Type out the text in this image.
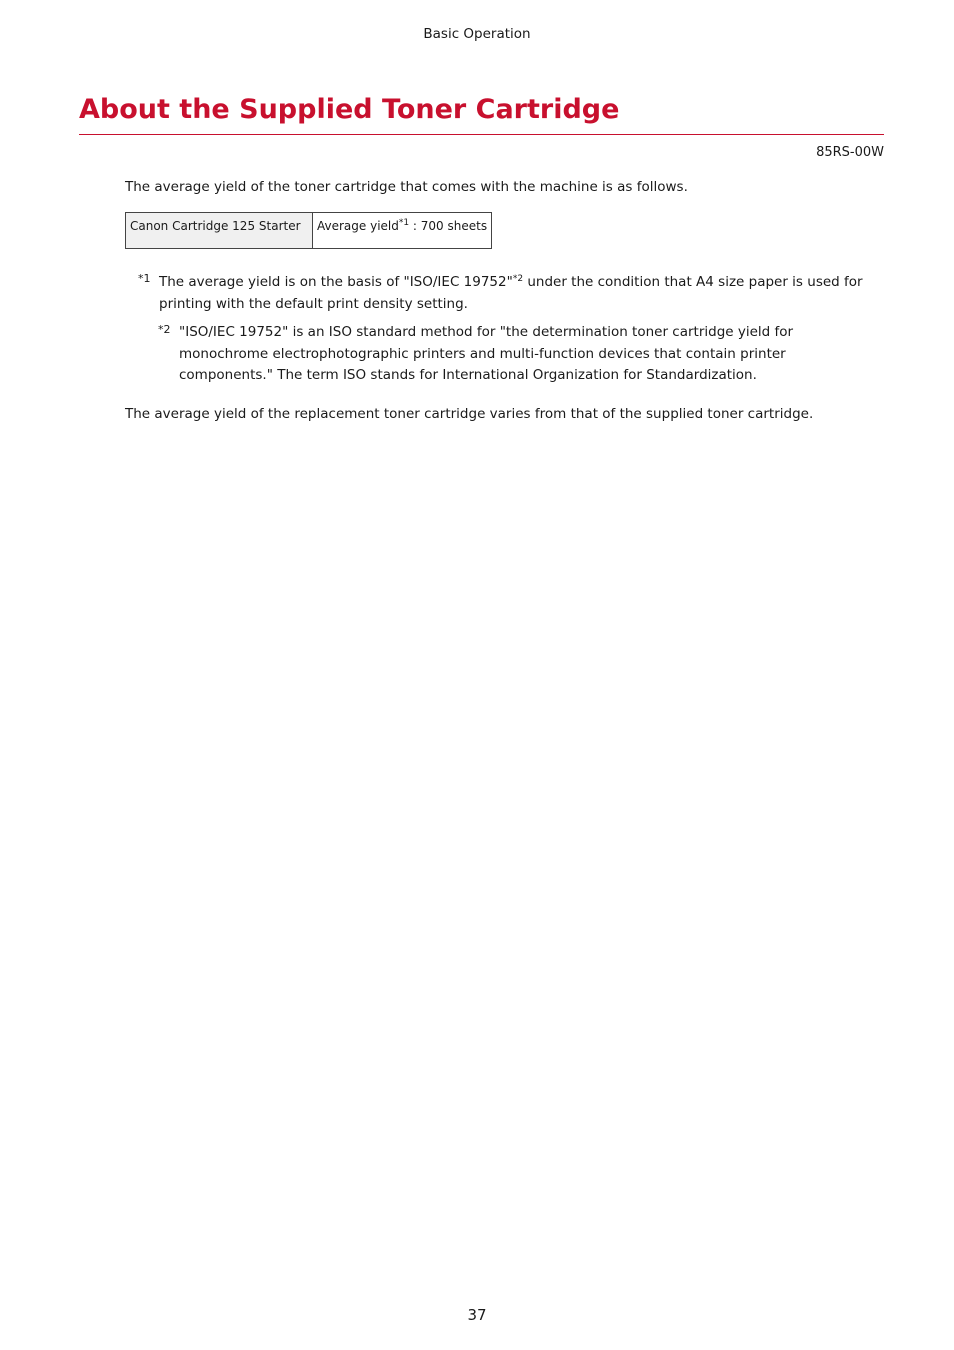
Basic Operation
About the Supplied Toner Cartridge
85RS-00W

The average yield of the toner cartridge that comes with the machine is as follows.

Canon Cartridge 125 Starter	Average yield$^{*1}$ : 700 sheets
*1 The average yield is on the basis of "ISO/IEC 19752"$^{*2}$ under the condition that A4 size paper is used for printing with the default print density setting.
*2 "ISO/IEC 19752" is an ISO standard method for "the determination toner cartridge yield for monochrome electrophotographic printers and multi-function devices that contain printer components." The term ISO stands for International Organization for Standardization.

The average yield of the replacement toner cartridge varies from that of the supplied toner cartridge.

37
